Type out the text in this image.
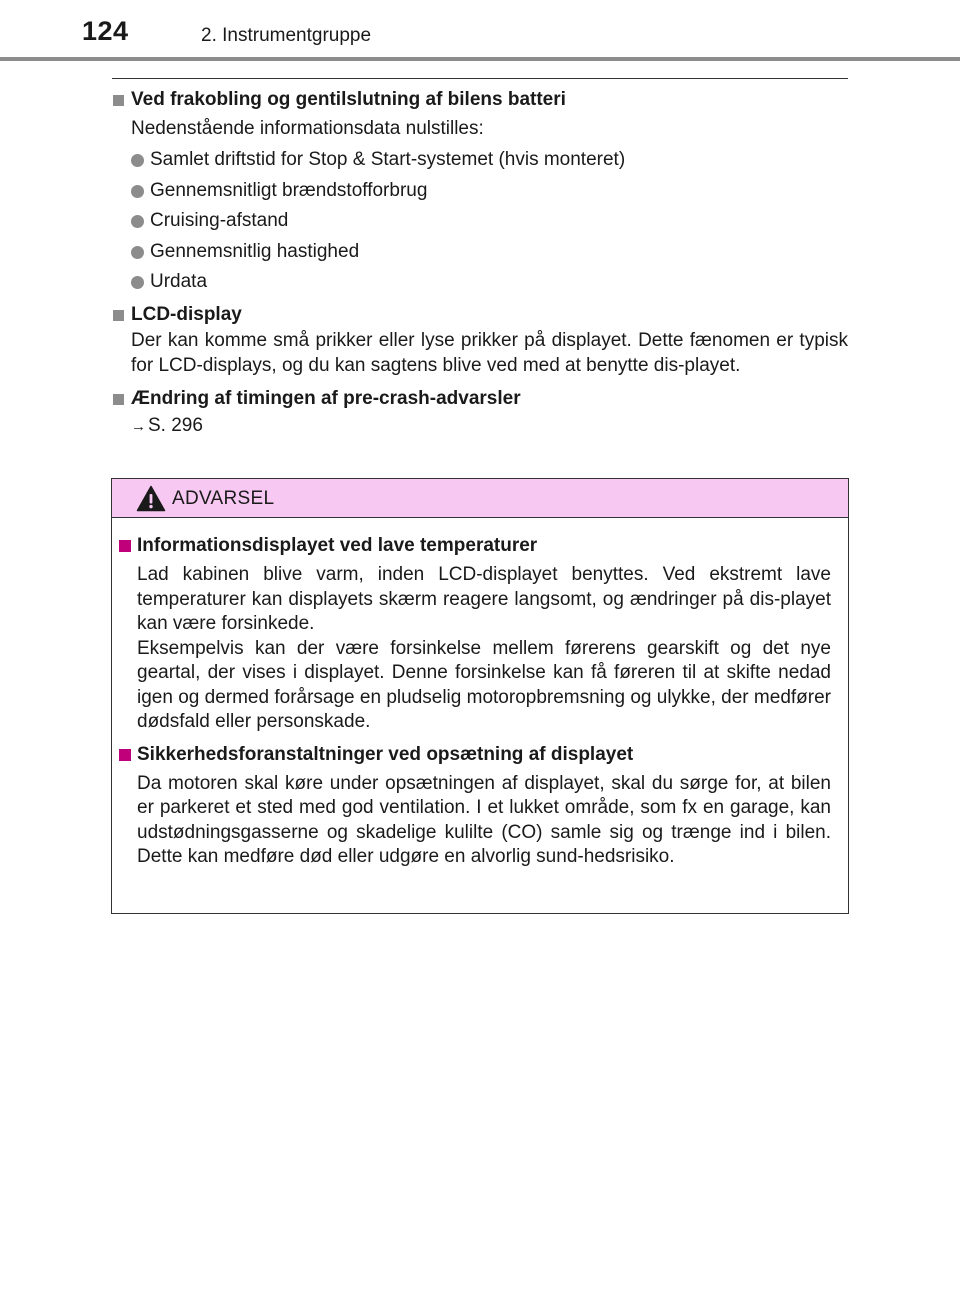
124	2. Instrumentgruppe
Ved frakobling og gentilslutning af bilens batteri
Nedenstående informationsdata nulstilles:
Samlet driftstid for Stop & Start-systemet (hvis monteret)
Gennemsnitligt brændstofforbrug
Cruising-afstand
Gennemsnitlig hastighed
Urdata
LCD-display
Der kan komme små prikker eller lyse prikker på displayet. Dette fænomen er typisk for LCD-displays, og du kan sagtens blive ved med at benytte dis-playet.
Ændring af timingen af pre-crash-advarsler
→ S. 296
ADVARSEL
Informationsdisplayet ved lave temperaturer
Lad kabinen blive varm, inden LCD-displayet benyttes. Ved ekstremt lave temperaturer kan displayets skærm reagere langsomt, og ændringer på dis-playet kan være forsinkede.
Eksempelvis kan der være forsinkelse mellem førerens gearskift og det nye geartal, der vises i displayet. Denne forsinkelse kan få føreren til at skifte nedad igen og dermed forårsage en pludselig motoropbremsning og ulykke, der medfører dødsfald eller personskade.
Sikkerhedsforanstaltninger ved opsætning af displayet
Da motoren skal køre under opsætningen af displayet, skal du sørge for, at bilen er parkeret et sted med god ventilation. I et lukket område, som fx en garage, kan udstødningsgasserne og skadelige kulilte (CO) samle sig og trænge ind i bilen. Dette kan medføre død eller udgøre en alvorlig sund-hedsrisiko.
